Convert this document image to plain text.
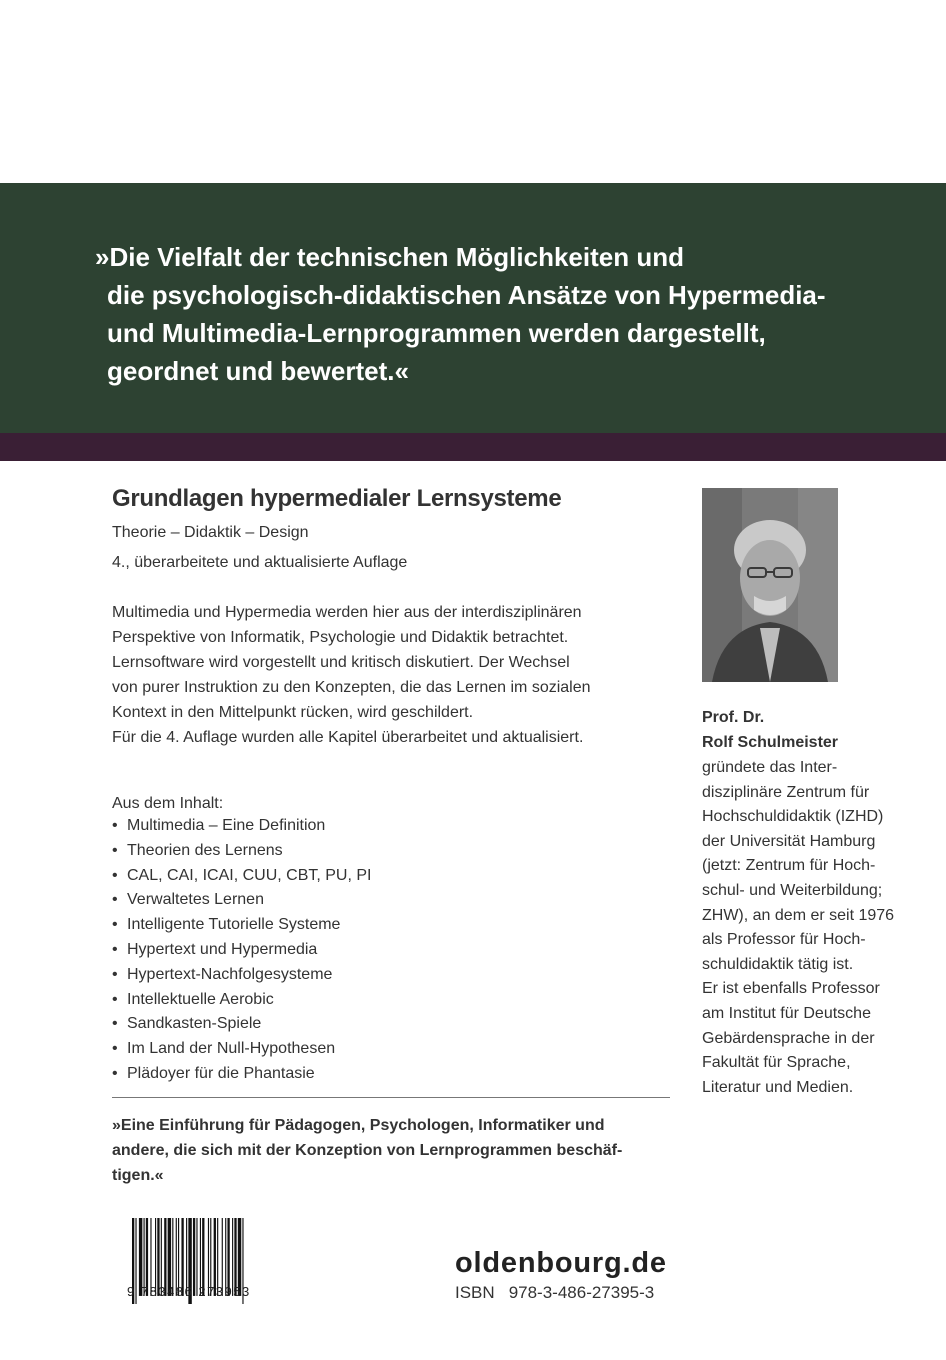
»Die Vielfalt der technischen Möglichkeiten und
die psychologisch-didaktischen Ansätze von Hypermedia-
und Multimedia-Lernprogrammen werden dargestellt,
geordnet und bewertet.«

Grundlagen hypermedialer Lernsysteme

Theorie – Didaktik – Design

4., überarbeitete und aktualisierte Auflage

Multimedia und Hypermedia werden hier aus der interdisziplinären
Perspektive von Informatik, Psychologie und Didaktik betrachtet.
Lernsoftware wird vorgestellt und kritisch diskutiert. Der Wechsel
von purer Instruktion zu den Konzepten, die das Lernen im sozialen
Kontext in den Mittelpunkt rücken, wird geschildert.
Für die 4. Auflage wurden alle Kapitel überarbeitet und aktualisiert.

Aus dem Inhalt:

• Multimedia – Eine Definition
• Theorien des Lernens
• CAL, CAI, ICAI, CUU, CBT, PU, PI
• Verwaltetes Lernen
• Intelligente Tutorielle Systeme
• Hypertext und Hypermedia
• Hypertext-Nachfolgesysteme
• Intellektuelle Aerobic
• Sandkasten-Spiele
• Im Land der Null-Hypothesen
• Plädoyer für die Phantasie

»Eine Einführung für Pädagogen, Psychologen, Informatiker und
andere, die sich mit der Konzeption von Lernprogrammen beschäf-
tigen.«

Prof. Dr.
Rolf Schulmeister

gründete das Inter-
disziplinäre Zentrum für
Hochschuldidaktik (IZHD)
der Universität Hamburg
(jetzt: Zentrum für Hoch-
schul- und Weiterbildung;
ZHW), an dem er seit 1976
als Professor für Hoch-
schuldidaktik tätig ist.
Er ist ebenfalls Professor
am Institut für Deutsche
Gebärdensprache in der
Fakultät für Sprache,
Literatur und Medien.

9 783486 273953

oldenbourg.de

ISBN 978-3-486-27395-3
